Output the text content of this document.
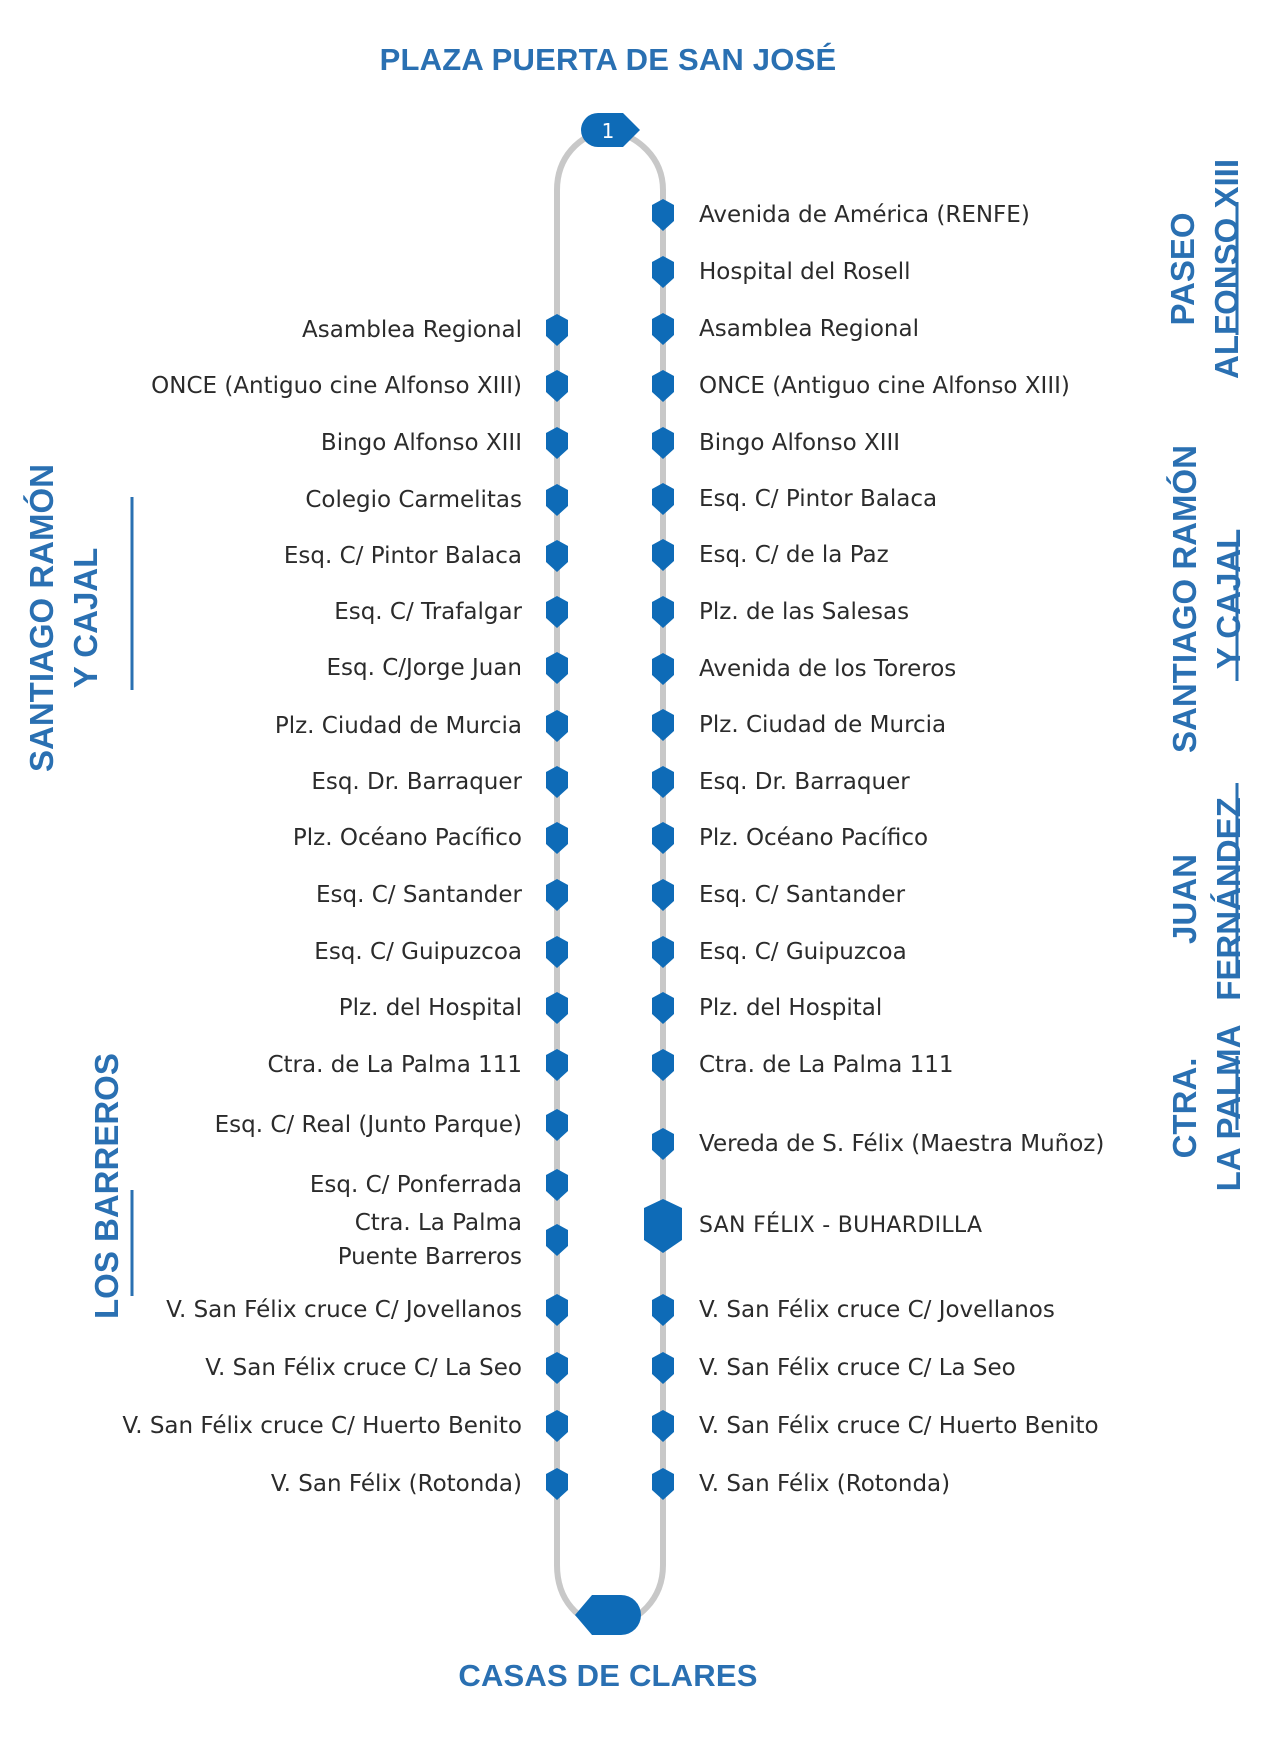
PLAZA PUERTA DE SAN JOSÉ
CASAS DE CLARES
1
Asamblea Regional
ONCE (Antiguo cine Alfonso XIII)
Bingo Alfonso XIII
Colegio Carmelitas
Esq. C/ Pintor Balaca
Esq. C/ Trafalgar
Esq. C/Jorge Juan
Plz. Ciudad de Murcia
Esq. Dr. Barraquer
Plz. Océano Pacífico
Esq. C/ Santander
Esq. C/ Guipuzcoa
Plz. del Hospital
Ctra. de La Palma 111
Esq. C/ Real (Junto Parque)
Esq. C/ Ponferrada
Ctra. La Palma
Puente Barreros
V. San Félix cruce C/ Jovellanos
V. San Félix cruce C/ La Seo
V. San Félix cruce C/ Huerto Benito
V. San Félix (Rotonda)
Avenida de América (RENFE)
Hospital del Rosell
Asamblea Regional
ONCE (Antiguo cine Alfonso XIII)
Bingo Alfonso XIII
Esq. C/ Pintor Balaca
Esq. C/ de la Paz
Plz. de las Salesas
Avenida de los Toreros
Plz. Ciudad de Murcia
Esq. Dr. Barraquer
Plz. Océano Pacífico
Esq. C/ Santander
Esq. C/ Guipuzcoa
Plz. del Hospital
Ctra. de La Palma 111
Vereda de S. Félix (Maestra Muñoz)
SAN FÉLIX - BUHARDILLA
V. San Félix cruce C/ Jovellanos
V. San Félix cruce C/ La Seo
V. San Félix cruce C/ Huerto Benito
V. San Félix (Rotonda)
SANTIAGO RAMÓN Y CAJAL
LOS BARREROS
PASEO ALFONSO XIII
SANTIAGO RAMÓN Y CAJAL
JUAN FERNÁNDEZ
CTRA. LA PALMA
